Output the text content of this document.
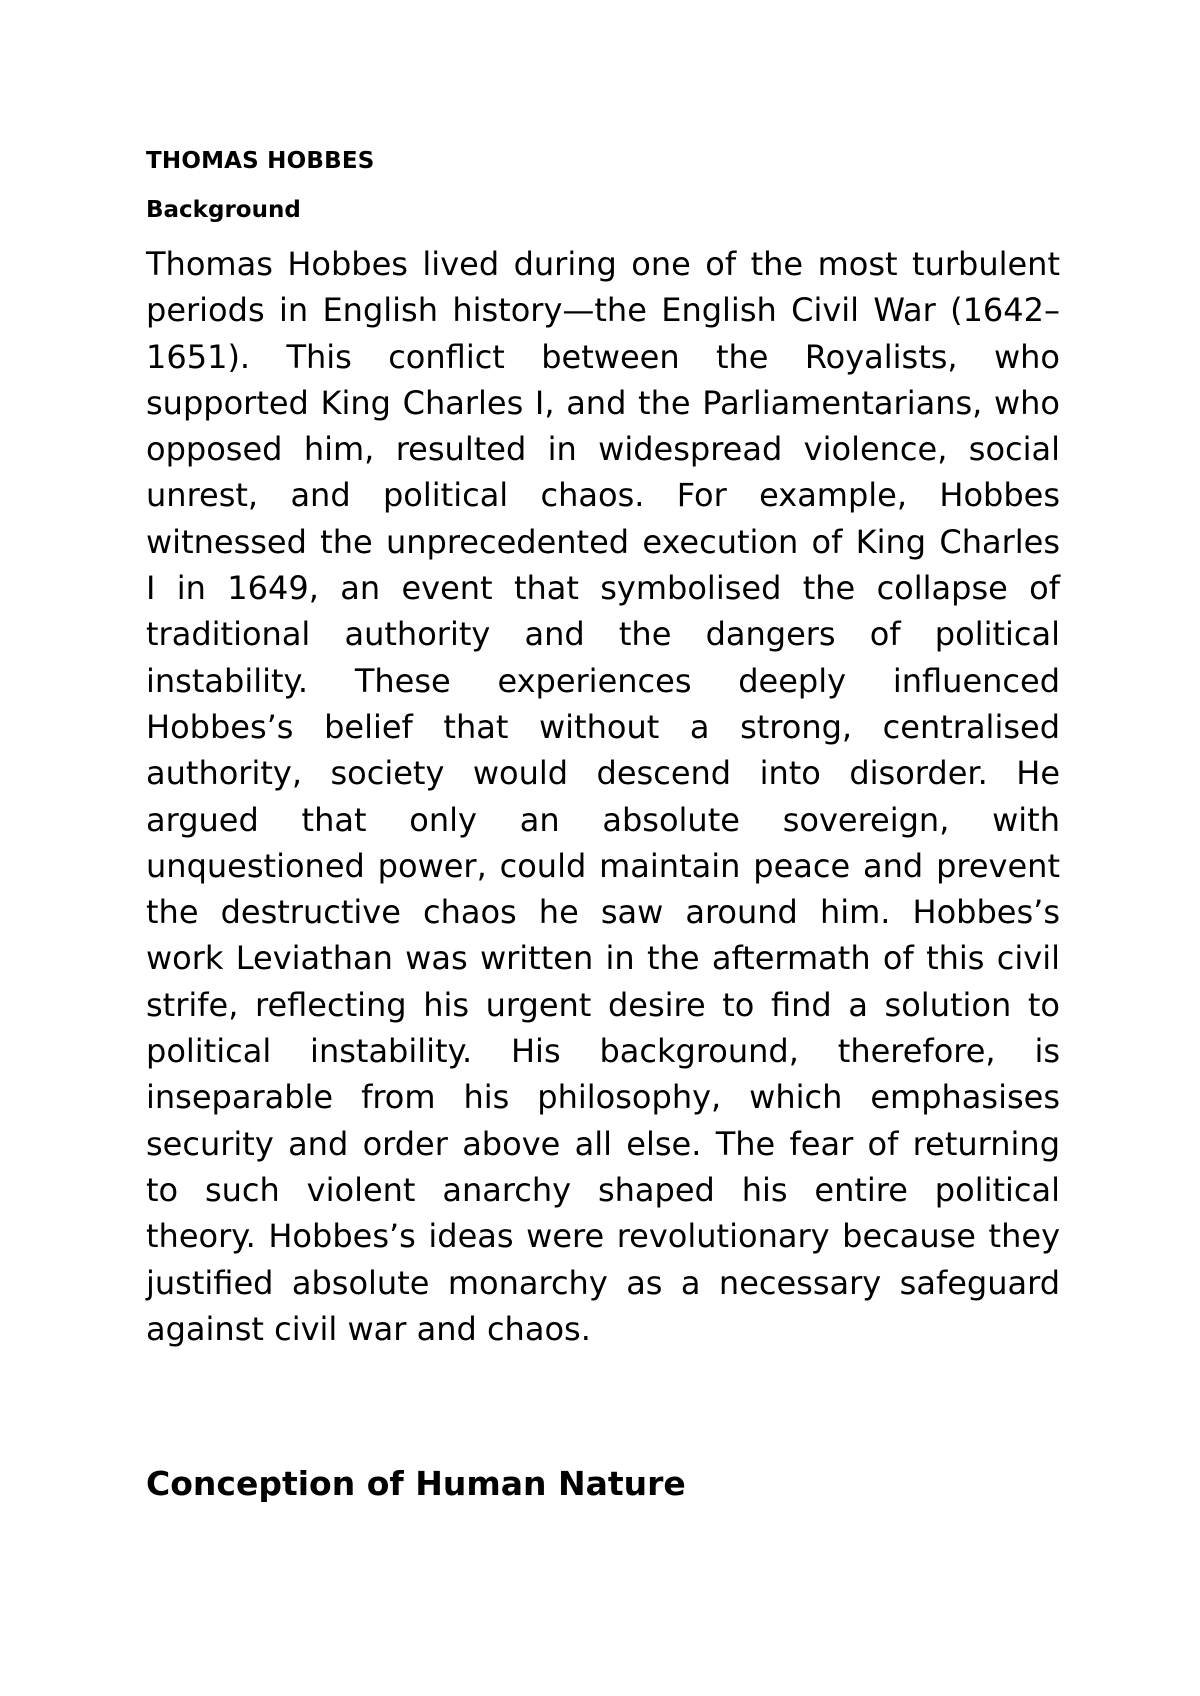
THOMAS HOBBES
Background

Thomas Hobbes lived during one of the most turbulent periods in English history—the English Civil War (1642–1651). This conflict between the Royalists, who supported King Charles I, and the Parliamentarians, who opposed him, resulted in widespread violence, social unrest, and political chaos. For example, Hobbes witnessed the unprecedented execution of King Charles I in 1649, an event that symbolised the collapse of traditional authority and the dangers of political instability. These experiences deeply influenced Hobbes’s belief that without a strong, centralised authority, society would descend into disorder. He argued that only an absolute sovereign, with unquestioned power, could maintain peace and prevent the destructive chaos he saw around him. Hobbes’s work Leviathan was written in the aftermath of this civil strife, reflecting his urgent desire to find a solution to political instability. His background, therefore, is inseparable from his philosophy, which emphasises security and order above all else. The fear of returning to such violent anarchy shaped his entire political theory. Hobbes’s ideas were revolutionary because they justified absolute monarchy as a necessary safeguard against civil war and chaos.

Conception of Human Nature
